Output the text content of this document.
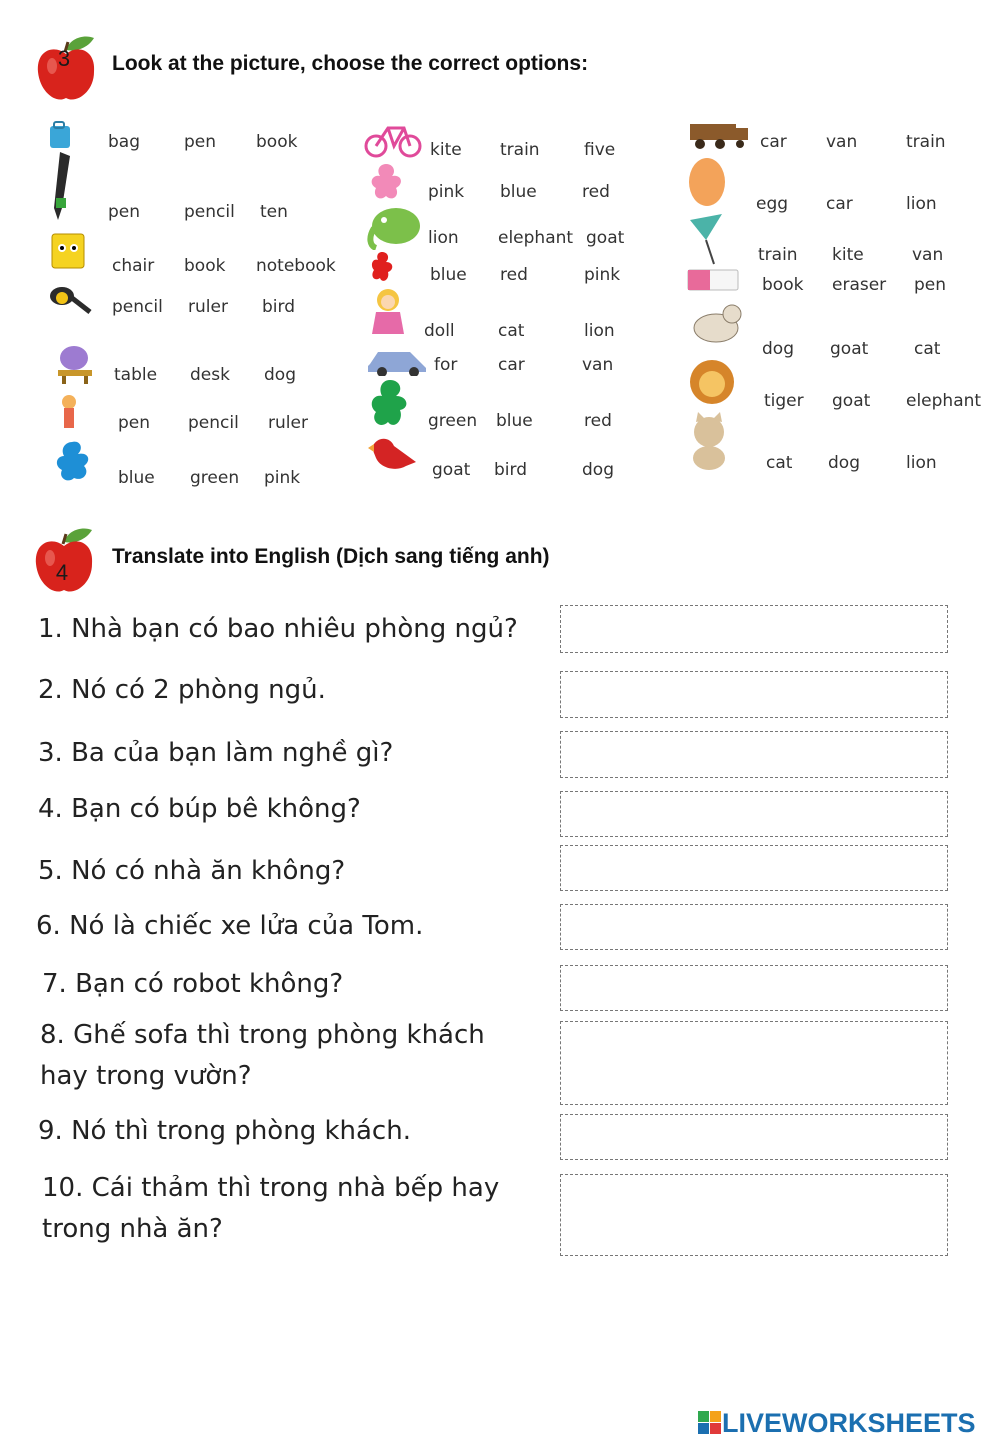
3	Look at the picture, choose the correct options:
bag	pen book
pen	pencil ten
chair book notebook
pencil ruler bird
table desk dog
pen pencil ruler
blue green pink
kite train	five
pink blue	red
lion elephant goat
blue red	pink
doll	cat	lion
for car	van
green blue	red
goat bird	dog
car van	train
egg car	lion
train kite	van
book eraser pen
dog goat	cat
tiger goat elephant
cat dog	lion
4
Translate into English (Dịch sang tiếng anh)
1. Nhà bạn có bao nhiêu phòng ngủ?
2. Nó có 2 phòng ngủ.
3. Ba của bạn làm nghề gì?
4. Bạn có búp bê không?
5. Nó có nhà ăn không?
6. Nó là chiếc xe lửa của Tom.
7. Bạn có robot không?
8. Ghế sofa thì trong phòng khách
hay trong vườn?
9. Nó thì trong phòng khách.
10. Cái thảm thì trong nhà bếp hay
trong nhà ăn?
LIVEWORKSHEETS
